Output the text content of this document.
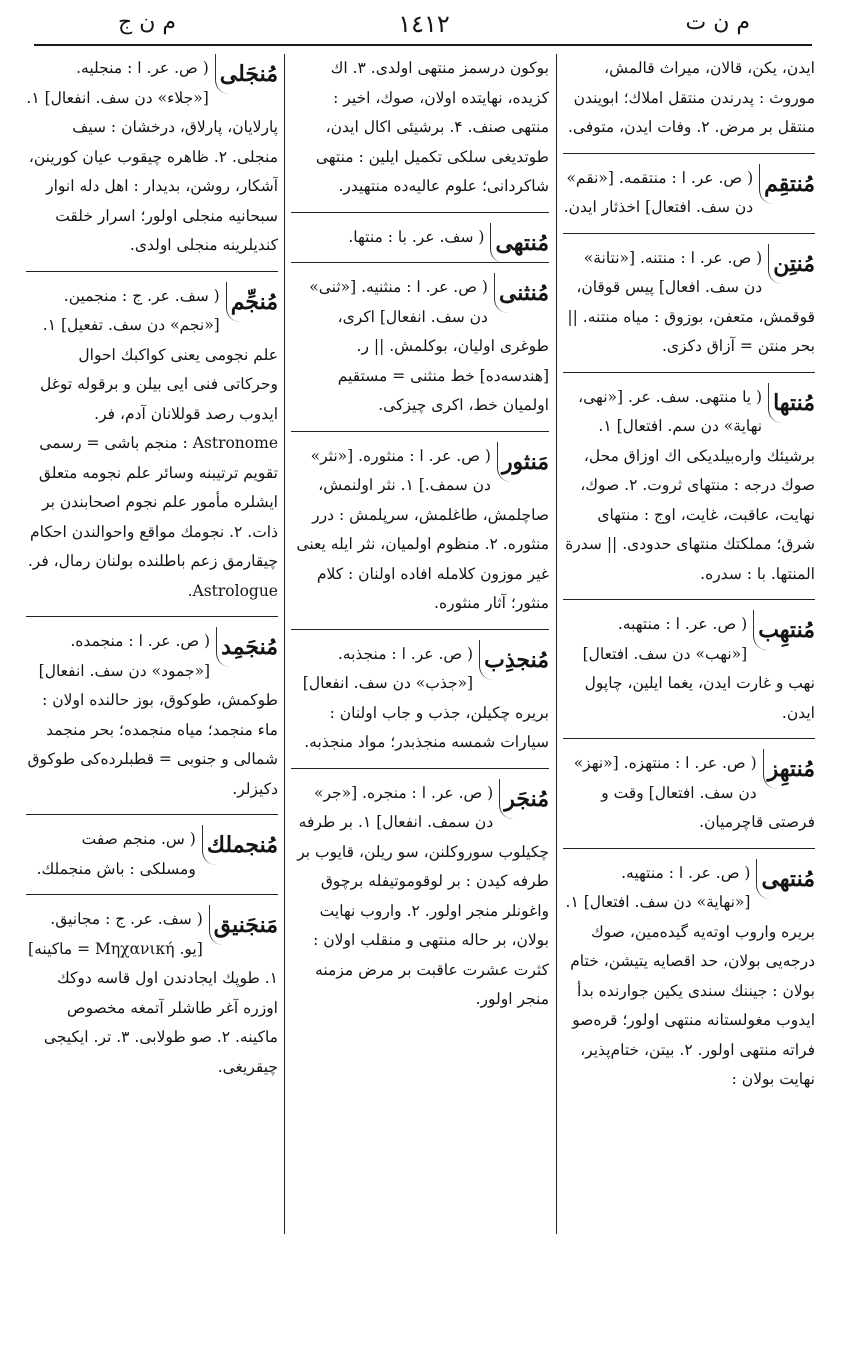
م ن ت
١٤١٢
م ن ج
ایدن، یکن، قالان، میراث قالمش، موروث : پدرندن منتقل املاك؛ ابویندن منتقل بر مرض. ۲. وفات ایدن، متوفی.
مُنتقِم
( ص. عر. ا : منتقمه. [«نقم» دن سف. افتعال] اخذثار ایدن.
مُنتِن
( ص. عر. ا : منتنه. [«نتانة» دن سف. افعال] پیس قوقان، قوقمش، متعفن، بوزوق : میاه منتنه. || بحر منتن = آزاق دکزی.
مُنتها
( یا منتهی. سف. عر. [«نهی، نهایة» دن سم. افتعال] ۱. برشیئك واره‌بیلدیکی اك اوزاق محل، صوك درجه : منتهای ثروت. ۲. صوك، نهایت، عاقبت، غایت، اوج : منتهای شرق؛ مملكتك منتهای حدودی. || سدرة المنتها. با : سدره.
مُنتهِب
( ص. عر. ا : منتهبه. [«نهب» دن سف. افتعال] نهب و غارت ایدن، یغما ایلین، چاپول ایدن.
مُنتهِز
( ص. عر. ا : منتهزه. [«نهز» دن سف. افتعال] وقت و فرصتی قاچرمیان.
مُنتهی
( ص. عر. ا : منتهیه. [«نهایة» دن سف. افتعال] ۱. بریره واروب اوته‌یه گیده‌مین، صوك درجه‌یی بولان، حد اقصایه یتیشن، ختام بولان : جیننك سندی یکین جوارنده بدأ ایدوب مغولستانه منتهی اولور؛ قره‌صو فراته منتهی اولور. ۲. بیتن، ختام‌پذیر، نهایت بولان :
بوکون درسمز منتهی اولدی. ۳. اك کزیده، نهایتده اولان، صوك، اخیر : منتهی صنف. ۴. برشیئی اکال ایدن، طوتدیغی سلکی تکمیل ایلین : منتهی شاکردانی؛ علوم عالیه‌ده منتهیدر.
مُنتهی
( سف. عر. با : منتها.
مُنثنی
( ص. عر. ا : منثنیه. [«ثنی» دن سف. انفعال] اکری، طوغری اولیان، بوکلمش. || ر. [هندسه‌ده] خط منثنی = مستقیم اولمیان خط، اکری چیزکی.
مَنثور
( ص. عر. ا : منثوره. [«نثر» دن سمف.] ۱. نثر اولنمش، صاچلمش، طاغلمش، سرپلمش : درر منثوره. ۲. منظوم اولمیان، نثر ایله یعنی غیر موزون کلامله افاده اولنان : کلام منثور؛ آثار منثوره.
مُنجذِب
( ص. عر. ا : منجذبه. [«جذب» دن سف. انفعال] بریره چکیلن، جذب و جاب اولنان : سیارات شمسه منجذبدر؛ مواد منجذبه.
مُنجَر
( ص. عر. ا : منجره. [«جر» دن سمف. انفعال] ۱. بر طرفه چکیلوب سوروکلنن، سو ریلن، قایوب بر طرفه کیدن : بر لوقوموتیفله برچوق واغونلر منجر اولور. ۲. واروب نهایت بولان، بر حاله منتهی و منقلب اولان : کثرت عشرت عاقبت بر مرض مزمنه منجر اولور.
مُنجَلی
( ص. عر. ا : منجلیه. [«جلاء» دن سف. انفعال] ۱. پارلایان، پارلاق، درخشان : سیف منجلی. ۲. ظاهره چیقوب عیان کورینن، آشکار، روشن، بدیدار : اهل دله انوار سبحانیه منجلی اولور؛ اسرار خلقت کندیلرینه منجلی اولدی.
مُنجِّم
( سف. عر. ج : منجمین. [«نجم» دن سف. تفعیل] ۱. علم نجومی یعنی کواکبك احوال وحرکاتی فنی ایی بیلن و برقوله توغل ایدوب رصد قوللانان آدم، فر. Astronome : منجم باشی = رسمی تقویم ترتیبنه وسائر علم نجومه متعلق ایشلره مأمور علم نجوم اصحابندن بر ذات. ۲. نجومك مواقع واحوالندن احکام چیقارمق زعم باطلنده بولنان رمال، فر. Astrologue.
مُنجَمِد
( ص. عر. ا : منجمده. [«جمود» دن سف. انفعال] طوکمش، طوکوق، بوز حالنده اولان : ماء منجمد؛ میاه منجمده؛ بحر منجمد شمالی و جنوبی = قطبلرده‌کی طوکوق دکیزلر.
مُنجملك
( س. منجم صفت ومسلکی : باش منجملك.
مَنجَنیق
( سف. عر. ج : مجانیق. [یو. Μηχανική = ماکینه] ۱. طوپك ایجادندن اول قاسه دوکك اوزره آغر طاشلر آتمغه مخصوص ماکینه. ۲. صو طولابی. ۳. تر. ایکیجی چیقریغی.
